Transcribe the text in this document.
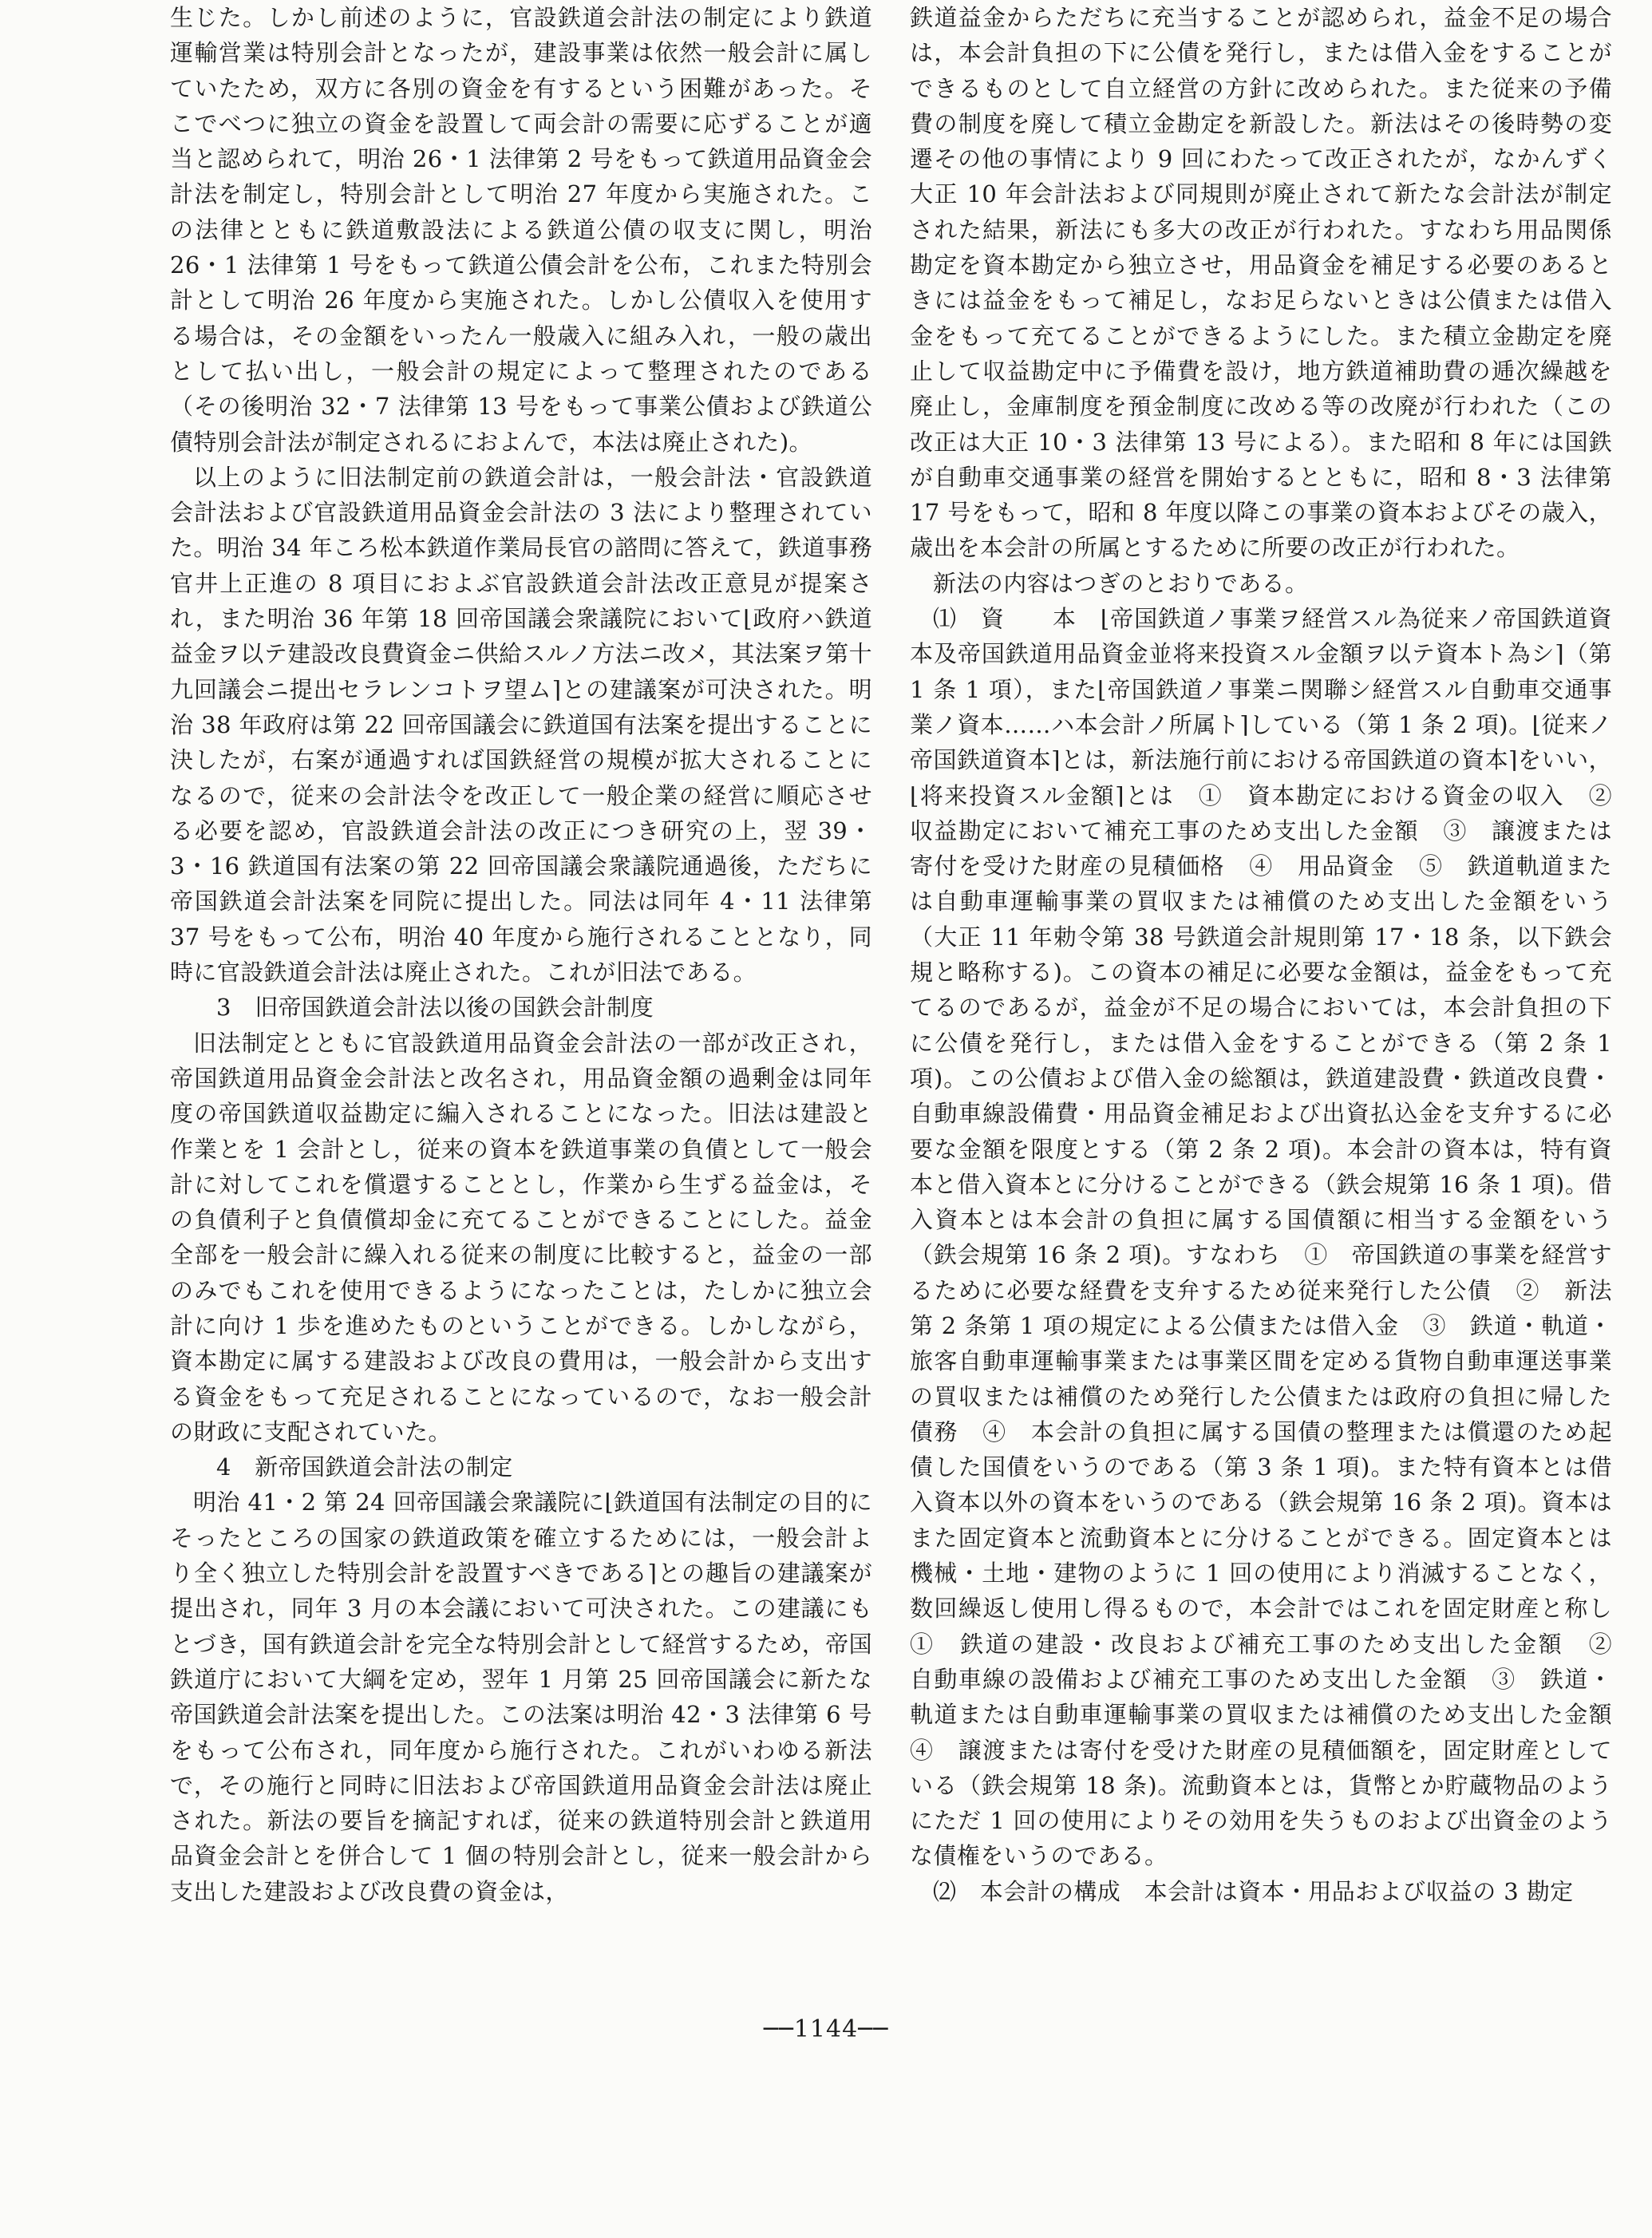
生じた。しかし前述のように，官設鉄道会計法の制定により鉄道運輸営業は特別会計となったが，建設事業は依然一般会計に属していたため，双方に各別の資金を有するという困難があった。そこでべつに独立の資金を設置して両会計の需要に応ずることが適当と認められて，明治 26・1 法律第 2 号をもって鉄道用品資金会計法を制定し，特別会計として明治 27 年度から実施された。この法律とともに鉄道敷設法による鉄道公債の収支に関し，明治 26・1 法律第 1 号をもって鉄道公債会計を公布，これまた特別会計として明治 26 年度から実施された。しかし公債収入を使用する場合は，その金額をいったん一般歳入に組み入れ，一般の歳出として払い出し，一般会計の規定によって整理されたのである（その後明治 32・7 法律第 13 号をもって事業公債および鉄道公債特別会計法が制定されるにおよんで，本法は廃止された)。

以上のように旧法制定前の鉄道会計は，一般会計法・官設鉄道会計法および官設鉄道用品資金会計法の 3 法により整理されていた。明治 34 年ころ松本鉄道作業局長官の諮問に答えて，鉄道事務官井上正進の 8 項目におよぶ官設鉄道会計法改正意見が提案され，また明治 36 年第 18 回帝国議会衆議院において⌊政府ハ鉄道益金ヲ以テ建設改良費資金ニ供給スルノ方法ニ改メ，其法案ヲ第十九回議会ニ提出セラレンコトヲ望ム⌉との建議案が可決された。明治 38 年政府は第 22 回帝国議会に鉄道国有法案を提出することに決したが，右案が通過すれば国鉄経営の規模が拡大されることになるので，従来の会計法令を改正して一般企業の経営に順応させる必要を認め，官設鉄道会計法の改正につき研究の上，翌 39・3・16 鉄道国有法案の第 22 回帝国議会衆議院通過後，ただちに帝国鉄道会計法案を同院に提出した。同法は同年 4・11 法律第 37 号をもって公布，明治 40 年度から施行されることとなり，同時に官設鉄道会計法は廃止された。これが旧法である。

3　旧帝国鉄道会計法以後の国鉄会計制度

旧法制定とともに官設鉄道用品資金会計法の一部が改正され，帝国鉄道用品資金会計法と改名され，用品資金額の過剰金は同年度の帝国鉄道収益勘定に編入されることになった。旧法は建設と作業とを 1 会計とし，従来の資本を鉄道事業の負債として一般会計に対してこれを償還することとし，作業から生ずる益金は，その負債利子と負債償却金に充てることができることにした。益金全部を一般会計に繰入れる従来の制度に比較すると，益金の一部のみでもこれを使用できるようになったことは，たしかに独立会計に向け 1 歩を進めたものということができる。しかしながら，資本勘定に属する建設および改良の費用は，一般会計から支出する資金をもって充足されることになっているので，なお一般会計の財政に支配されていた。

4　新帝国鉄道会計法の制定

明治 41・2 第 24 回帝国議会衆議院に⌊鉄道国有法制定の目的にそったところの国家の鉄道政策を確立するためには，一般会計より全く独立した特別会計を設置すべきである⌉との趣旨の建議案が提出され，同年 3 月の本会議において可決された。この建議にもとづき，国有鉄道会計を完全な特別会計として経営するため，帝国鉄道庁において大綱を定め，翌年 1 月第 25 回帝国議会に新たな帝国鉄道会計法案を提出した。この法案は明治 42・3 法律第 6 号をもって公布され，同年度から施行された。これがいわゆる新法で，その施行と同時に旧法および帝国鉄道用品資金会計法は廃止された。新法の要旨を摘記すれば，従来の鉄道特別会計と鉄道用品資金会計とを併合して 1 個の特別会計とし，従来一般会計から支出した建設および改良費の資金は，

鉄道益金からただちに充当することが認められ，益金不足の場合は，本会計負担の下に公債を発行し，または借入金をすることができるものとして自立経営の方針に改められた。また従来の予備費の制度を廃して積立金勘定を新設した。新法はその後時勢の変遷その他の事情により 9 回にわたって改正されたが，なかんずく大正 10 年会計法および同規則が廃止されて新たな会計法が制定された結果，新法にも多大の改正が行われた。すなわち用品関係勘定を資本勘定から独立させ，用品資金を補足する必要のあるときには益金をもって補足し，なお足らないときは公債または借入金をもって充てることができるようにした。また積立金勘定を廃止して収益勘定中に予備費を設け，地方鉄道補助費の逓次繰越を廃止し，金庫制度を預金制度に改める等の改廃が行われた（この改正は大正 10・3 法律第 13 号による）。また昭和 8 年には国鉄が自動車交通事業の経営を開始するとともに，昭和 8・3 法律第 17 号をもって，昭和 8 年度以降この事業の資本およびその歳入，歳出を本会計の所属とするために所要の改正が行われた。

新法の内容はつぎのとおりである。

⑴　資　　本　⌊帝国鉄道ノ事業ヲ経営スル為従来ノ帝国鉄道資本及帝国鉄道用品資金並将来投資スル金額ヲ以テ資本ト為シ⌉（第 1 条 1 項），また⌊帝国鉄道ノ事業ニ関聯シ経営スル自動車交通事業ノ資本……ハ本会計ノ所属ト⌉している（第 1 条 2 項)。⌊従来ノ帝国鉄道資本⌉とは，新法施行前における帝国鉄道の資本⌉をいい，⌊将来投資スル金額⌉とは　①　資本勘定における資金の収入　②　収益勘定において補充工事のため支出した金額　③　譲渡または寄付を受けた財産の見積価格　④　用品資金　⑤　鉄道軌道または自動車運輸事業の買収または補償のため支出した金額をいう（大正 11 年勅令第 38 号鉄道会計規則第 17・18 条，以下鉄会規と略称する)。この資本の補足に必要な金額は，益金をもって充てるのであるが，益金が不足の場合においては，本会計負担の下に公債を発行し，または借入金をすることができる（第 2 条 1 項)。この公債および借入金の総額は，鉄道建設費・鉄道改良費・自動車線設備費・用品資金補足および出資払込金を支弁するに必要な金額を限度とする（第 2 条 2 項)。本会計の資本は，特有資本と借入資本とに分けることができる（鉄会規第 16 条 1 項)。借入資本とは本会計の負担に属する国債額に相当する金額をいう（鉄会規第 16 条 2 項)。すなわち　①　帝国鉄道の事業を経営するために必要な経費を支弁するため従来発行した公債　②　新法第 2 条第 1 項の規定による公債または借入金　③　鉄道・軌道・旅客自動車運輸事業または事業区間を定める貨物自動車運送事業の買収または補償のため発行した公債または政府の負担に帰した債務　④　本会計の負担に属する国債の整理または償還のため起債した国債をいうのである（第 3 条 1 項)。また特有資本とは借入資本以外の資本をいうのである（鉄会規第 16 条 2 項)。資本はまた固定資本と流動資本とに分けることができる。固定資本とは機械・土地・建物のように 1 回の使用により消滅することなく，数回繰返し使用し得るもので，本会計ではこれを固定財産と称し　①　鉄道の建設・改良および補充工事のため支出した金額　②　自動車線の設備および補充工事のため支出した金額　③　鉄道・軌道または自動車運輸事業の買収または補償のため支出した金額　④　譲渡または寄付を受けた財産の見積価額を，固定財産としている（鉄会規第 18 条)。流動資本とは，貨幣とか貯蔵物品のようにただ 1 回の使用によりその効用を失うものおよび出資金のような債権をいうのである。

⑵　本会計の構成　本会計は資本・用品および収益の 3 勘定

──1144──
